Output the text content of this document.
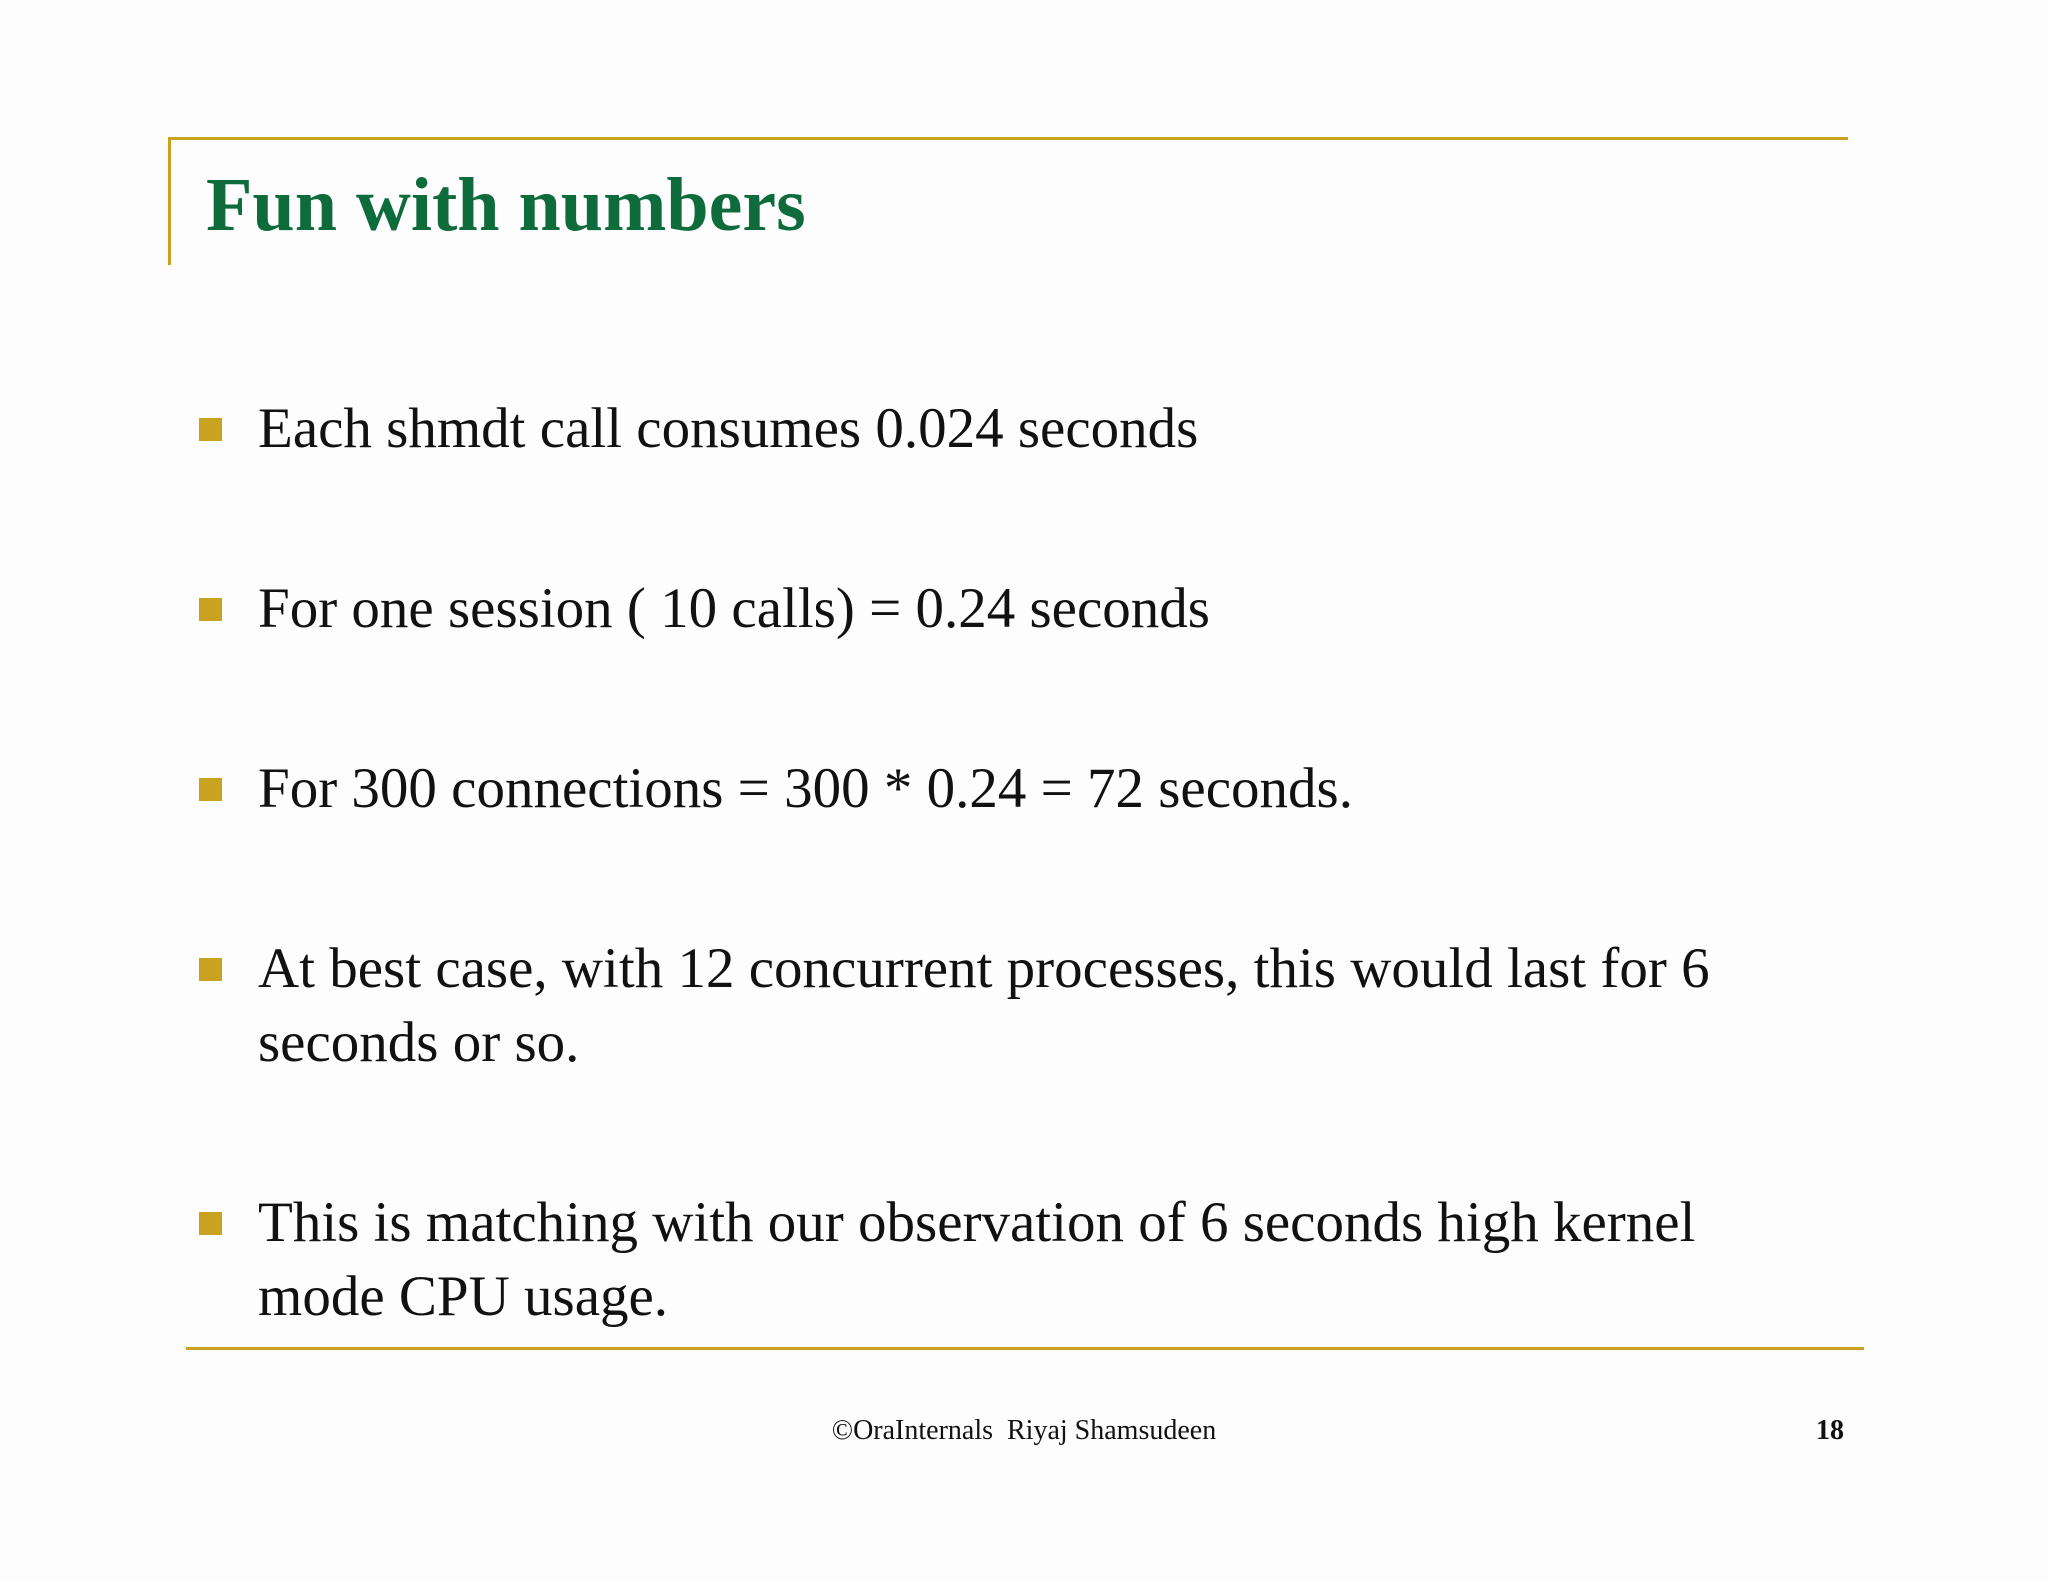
Fun with numbers
Each shmdt call consumes 0.024 seconds
For one session ( 10 calls) = 0.24 seconds
For 300 connections = 300 * 0.24 = 72 seconds.
At best case, with 12 concurrent processes, this would last for 6 seconds or so.
This is matching with our observation of 6 seconds high kernel mode CPU usage.
©OraInternals  Riyaj Shamsudeen	18
